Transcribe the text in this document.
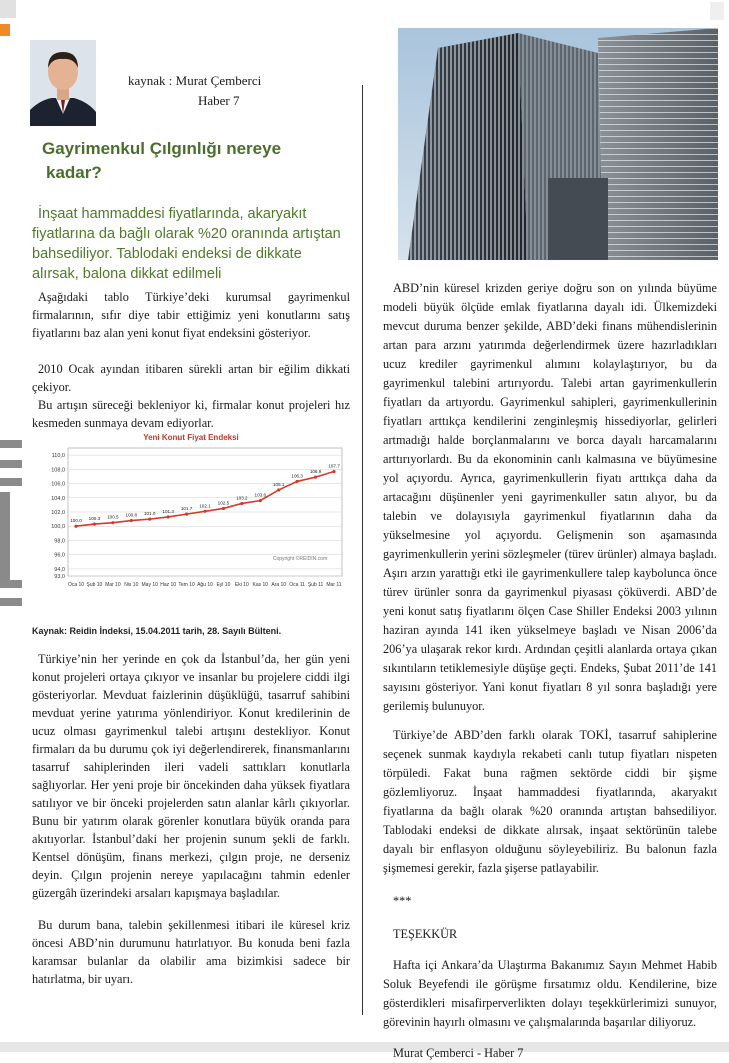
kaynak : Murat Çemberci
Haber 7
Gayrimenkul Çılgınlığı nereye
kadar?
İnşaat hammaddesi fiyatlarında, akaryakıt fiyatlarına da bağlı olarak %20 oranında artıştan bahsediliyor. Tablodaki endeksi de dikkate alırsak, balona dikkat edilmeli

Aşağıdaki tablo Türkiye’deki kurumsal gayrimenkul firmalarının, sıfır diye tabir ettiğimiz yeni konutlarını satış fiyatlarını baz alan yeni konut fiyat endeksini gösteriyor.

2010 Ocak ayından itibaren sürekli artan bir eğilim dikkati çekiyor.

Bu artışın süreceği bekleniyor ki, firmalar konut projeleri hız kesmeden sunmaya devam ediyorlar.

Yeni Konut Fiyat Endeksi
93,0
94,0
96,0
98,0
100,0
102,0
104,0
106,0
108,0
110,0
Oca 10 Şub 10 Mar 10 Nis 10 May 10 Haz 10 Tem 10 Ağu 10 Eyl 10 Eki 10 Kas 10 Ara 10 Oca 11 Şub 11 Mar 11
100.0 100.3 100.5 100.8 101.0 101.3
101.7
102.1
102.5
103.2
103.6
105.1
106.3
106.9
107.7
Copyright ©REIDIN.com
Kaynak: Reidin İndeksi, 15.04.2011 tarih, 28. Sayılı Bülteni.

Türkiye’nin her yerinde en çok da İstanbul’da, her gün yeni konut projeleri ortaya çıkıyor ve insanlar bu projelere ciddi ilgi gösteriyorlar. Mevduat faizlerinin düşüklüğü, tasarruf sahibini mevduat yerine yatırıma yönlendiriyor. Konut kredilerinin de ucuz olması gayrimenkul talebi artışını destekliyor. Konut firmaları da bu durumu çok iyi değerlendirerek, finansmanlarını tasarruf sahiplerinden ileri vadeli sattıkları konutlarla sağlıyorlar. Her yeni proje bir öncekinden daha yüksek fiyatlara satılıyor ve bir önceki projelerden satın alanlar kârlı çıkıyorlar. Bunu bir yatırım olarak görenler konutlara büyük oranda para akıtıyorlar. İstanbul’daki her projenin sunum şekli de farklı. Kentsel dönüşüm, finans merkezi, çılgın proje, ne derseniz deyin. Çılgın projenin nereye yapılacağını tahmin edenler güzergâh üzerindeki arsaları kapışmaya başladılar.

Bu durum bana, talebin şekillenmesi itibari ile küresel kriz öncesi ABD’nin durumunu hatırlatıyor. Bu konuda beni fazla karamsar bulanlar da olabilir ama bizimkisi sadece bir hatırlatma, bir uyarı.

ABD’nin küresel krizden geriye doğru son on yılında büyüme modeli büyük ölçüde emlak fiyatlarına dayalı idi. Ülkemizdeki mevcut duruma benzer şekilde, ABD’deki finans mühendislerinin artan para arzını yatırımda değerlendirmek üzere hazırladıkları ucuz krediler gayrimenkul alımını kolaylaştırıyor, bu da gayrimenkul talebini artırıyordu. Talebi artan gayrimenkullerin fiyatları da artıyordu. Gayrimenkul sahipleri, gayrimenkullerinin fiyatları arttıkça kendilerini zenginleşmiş hissediyorlar, gelirleri artmadığı halde borçlanmalarını ve borca dayalı harcamalarını arttırıyorlardı. Bu da ekonominin canlı kalmasına ve büyümesine yol açıyordu. Ayrıca, gayrimenkullerin fiyatı arttıkça daha da artacağını düşünenler yeni gayrimenkuller satın alıyor, bu da talebin ve dolayısıyla gayrimenkul fiyatlarının daha da yükselmesine yol açıyordu. Gelişmenin son aşamasında gayrimenkullerin yerini sözleşmeler (türev ürünler) almaya başladı. Aşırı arzın yarattığı etki ile gayrimenkullere talep kaybolunca önce türev ürünler sonra da gayrimenkul piyasası çöküverdi. ABD’de yeni konut satış fiyatlarını ölçen Case Shiller Endeksi 2003 yılının haziran ayında 141 iken yükselmeye başladı ve Nisan 2006’da 206’ya ulaşarak rekor kırdı. Ardından çeşitli alanlarda ortaya çıkan sıkıntıların tetiklemesiyle düşüşe geçti. Endeks, Şubat 2011’de 141 sayısını gösteriyor. Yani konut fiyatları 8 yıl sonra başladığı yere gerilemiş bulunuyor.

Türkiye’de ABD’den farklı olarak TOKİ, tasarruf sahiplerine seçenek sunmak kaydıyla rekabeti canlı tutup fiyatları nispeten törpüledi. Fakat buna rağmen sektörde ciddi bir şişme gözlemliyoruz. İnşaat hammaddesi fiyatlarında, akaryakıt fiyatlarına da bağlı olarak %20 oranında artıştan bahsediliyor. Tablodaki endeksi de dikkate alırsak, inşaat sektörünün talebe dayalı bir enflasyon olduğunu söyleyebiliriz. Bu balonun fazla şişmemesi gerekir, fazla şişerse patlayabilir.

***

TEŞEKKÜR

Hafta içi Ankara’da Ulaştırma Bakanımız Sayın Mehmet Habib Soluk Beyefendi ile görüşme fırsatımız oldu. Kendilerine, bize gösterdikleri misafirperverlikten dolayı teşekkürlerimizi sunuyor, görevinin hayırlı olmasını ve çalışmalarında başarılar diliyoruz.

Murat Çemberci - Haber 7
